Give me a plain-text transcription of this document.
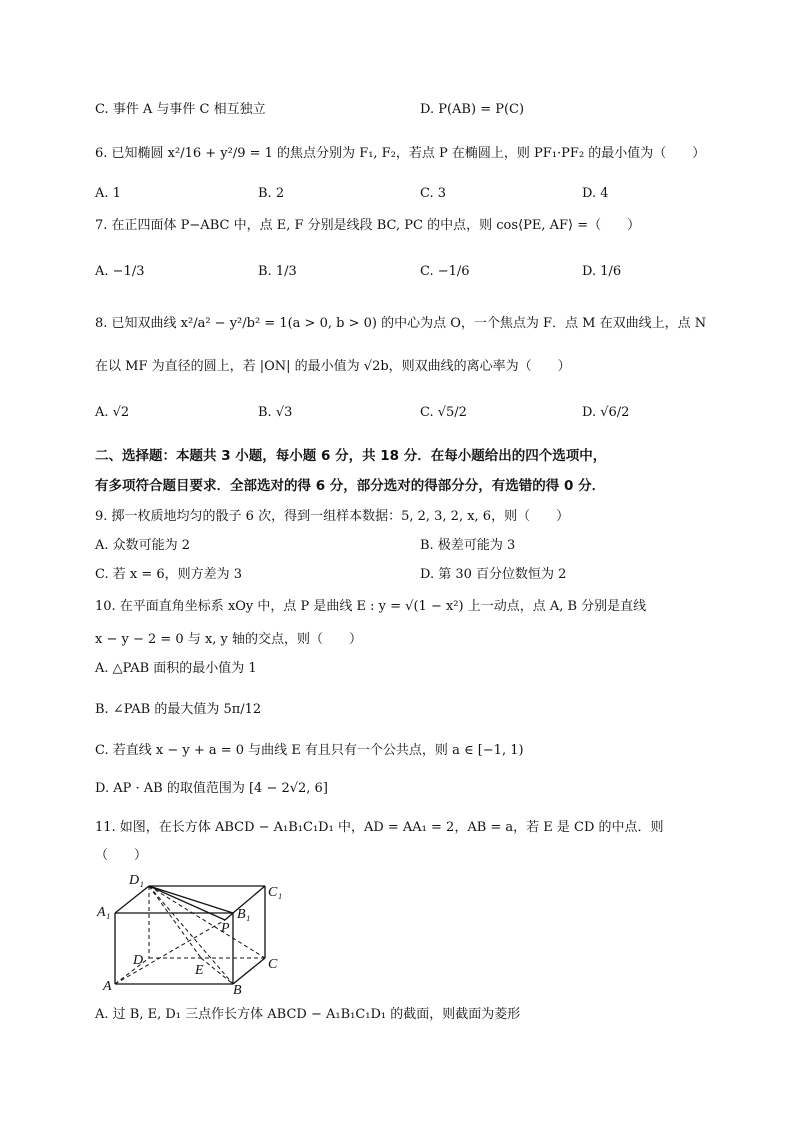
C. 事件 A 与事件 C 相互独立	D. P(AB) = P(C)
6. 已知椭圆 x²/16 + y²/9 = 1 的焦点分别为 F₁, F₂，若点 P 在椭圆上，则 PF₁·PF₂ 的最小值为（　　）
A. 1	B. 2	C. 3	D. 4
7. 在正四面体 P−ABC 中，点 E, F 分别是线段 BC, PC 的中点，则 cos⟨PE, AF⟩ =（　　）
A. −1/3	B. 1/3	C. −1/6	D. 1/6
8. 已知双曲线 x²/a² − y²/b² = 1(a > 0, b > 0) 的中心为点 O，一个焦点为 F．点 M 在双曲线上，点 N
在以 MF 为直径的圆上，若 |ON| 的最小值为 √2b，则双曲线的离心率为（　　）
A. √2	B. √3	C. √5/2	D. √6/2
二、选择题：本题共 3 小题，每小题 6 分，共 18 分．在每小题给出的四个选项中，
有多项符合题目要求．全部选对的得 6 分，部分选对的得部分分，有选错的得 0 分．
9. 掷一枚质地均匀的骰子 6 次，得到一组样本数据：5, 2, 3, 2, x, 6，则（　　）
A. 众数可能为 2	B. 极差可能为 3
C. 若 x = 6，则方差为 3	D. 第 30 百分位数恒为 2
10. 在平面直角坐标系 xOy 中，点 P 是曲线 E : y = √(1 − x²) 上一动点，点 A, B 分别是直线
x − y − 2 = 0 与 x, y 轴的交点，则（　　）
A. △PAB 面积的最小值为 1
B. ∠PAB 的最大值为 5π/12
C. 若直线 x − y + a = 0 与曲线 E 有且只有一个公共点，则 a ∈ [−1, 1)
D. AP · AB 的取值范围为 [4 − 2√2, 6]
11. 如图，在长方体 ABCD − A₁B₁C₁D₁ 中，AD = AA₁ = 2，AB = a，若 E 是 CD 的中点．则
（　　）
A. 过 B, E, D₁ 三点作长方体 ABCD − A₁B₁C₁D₁ 的截面，则截面为菱形
D₁
C₁
A₁	B₁
P
D
E	C
A	B
